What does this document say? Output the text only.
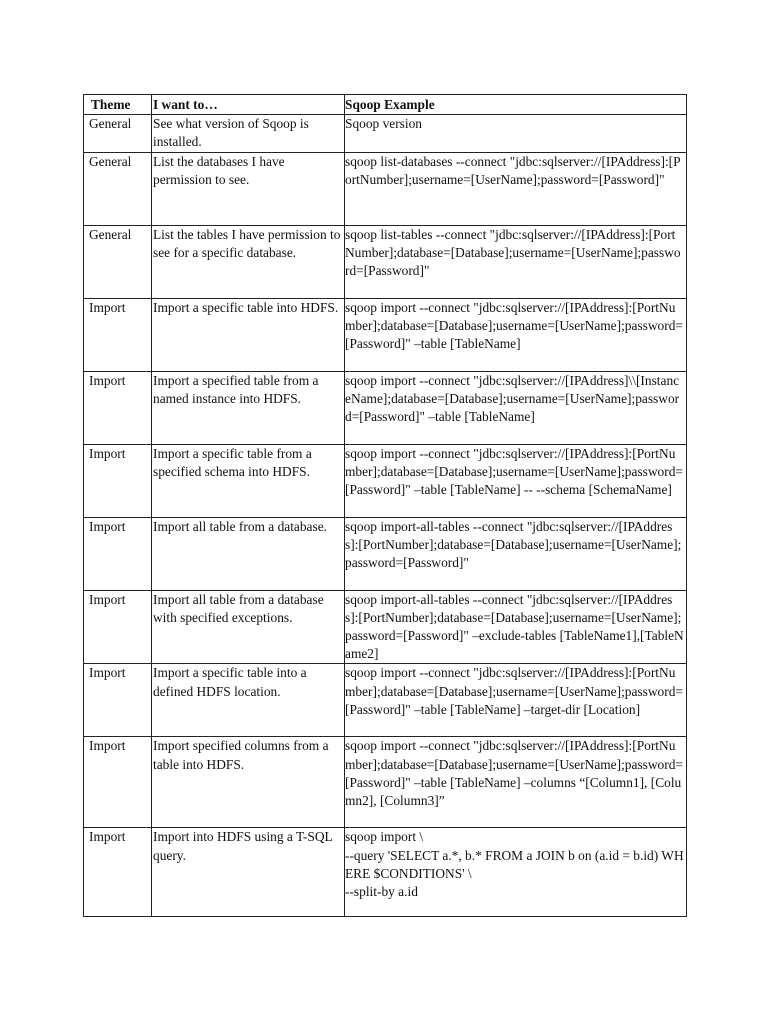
Theme	I want to…	Sqoop Example

General	See what version of Sqoop is installed.	Sqoop version

General	List the databases I have permission to see.	sqoop list-databases --connect "jdbc:sqlserver://[IPAddress]:[PortNumber];username=[UserName];password=[Password]"

General	List the tables I have permission to see for a specific database.	sqoop list-tables --connect "jdbc:sqlserver://[IPAddress]:[PortNumber];database=[Database];username=[UserName];password=[Password]"

Import	Import a specific table into HDFS.	sqoop import --connect "jdbc:sqlserver://[IPAddress]:[PortNumber];database=[Database];username=[UserName];password=[Password]" –table [TableName]

Import	Import a specified table from a named instance into HDFS.	sqoop import --connect "jdbc:sqlserver://[IPAddress]\\[InstanceName];database=[Database];username=[UserName];password=[Password]" –table [TableName]

Import	Import a specific table from a specified schema into HDFS.	sqoop import --connect "jdbc:sqlserver://[IPAddress]:[PortNumber];database=[Database];username=[UserName];password=[Password]" –table [TableName] -- --schema [SchemaName]

Import	Import all table from a database.	sqoop import-all-tables --connect "jdbc:sqlserver://[IPAddress]:[PortNumber];database=[Database];username=[UserName];password=[Password]"

Import	Import all table from a database with specified exceptions.	sqoop import-all-tables --connect "jdbc:sqlserver://[IPAddress]:[PortNumber];database=[Database];username=[UserName];password=[Password]" –exclude-tables [TableName1],[TableName2]

Import	Import a specific table into a defined HDFS location.	sqoop import --connect "jdbc:sqlserver://[IPAddress]:[PortNumber];database=[Database];username=[UserName];password=[Password]" –table [TableName] –target-dir [Location]

Import	Import specified columns from a table into HDFS.	sqoop import --connect "jdbc:sqlserver://[IPAddress]:[PortNumber];database=[Database];username=[UserName];password=[Password]" –table [TableName] –columns “[Column1], [Column2], [Column3]”

Import	Import into HDFS using a T-SQL query.	sqoop import \
--query 'SELECT a.*, b.* FROM a JOIN b on (a.id = b.id) WHERE $CONDITIONS' \
--split-by a.id
